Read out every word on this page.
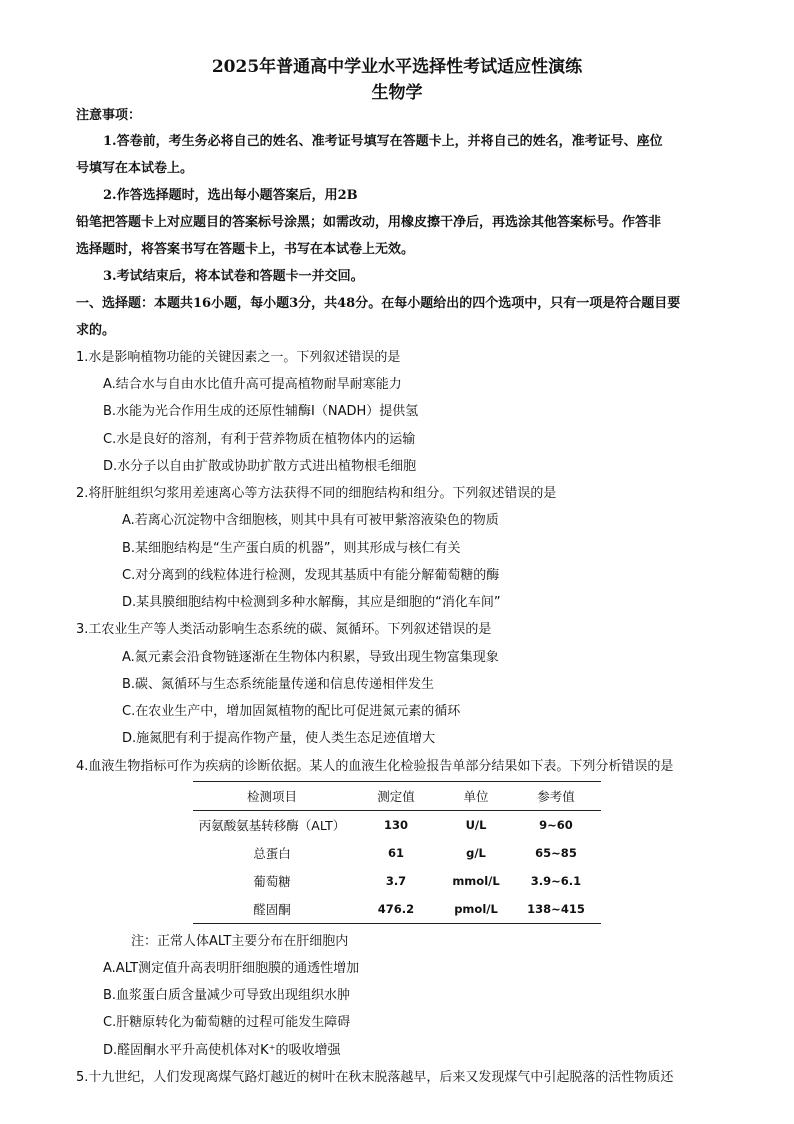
2025年普通高中学业水平选择性考试适应性演练
生物学
注意事项：
1.答卷前，考生务必将自己的姓名、准考证号填写在答题卡上，并将自己的姓名，准考证号、座位
号填写在本试卷上。
2.作答选择题时，选出每小题答案后，用2B
铅笔把答题卡上对应题目的答案标号涂黑；如需改动，用橡皮擦干净后，再选涂其他答案标号。作答非
选择题时，将答案书写在答题卡上，书写在本试卷上无效。
3.考试结束后，将本试卷和答题卡一并交回。
一、选择题：本题共16小题，每小题3分，共48分。在每小题给出的四个选项中，只有一项是符合题目要
求的。
1.水是影响植物功能的关键因素之一。下列叙述错误的是
A.结合水与自由水比值升高可提高植物耐旱耐寒能力
B.水能为光合作用生成的还原性辅酶Ⅰ（NADH）提供氢
C.水是良好的溶剂，有利于营养物质在植物体内的运输
D.水分子以自由扩散或协助扩散方式进出植物根毛细胞
2.将肝脏组织匀浆用差速离心等方法获得不同的细胞结构和组分。下列叙述错误的是
A.若离心沉淀物中含细胞核，则其中具有可被甲紫溶液染色的物质
B.某细胞结构是“生产蛋白质的机器”，则其形成与核仁有关
C.对分离到的线粒体进行检测，发现其基质中有能分解葡萄糖的酶
D.某具膜细胞结构中检测到多种水解酶，其应是细胞的“消化车间”
3.工农业生产等人类活动影响生态系统的碳、氮循环。下列叙述错误的是
A.氮元素会沿食物链逐渐在生物体内积累，导致出现生物富集现象
B.碳、氮循环与生态系统能量传递和信息传递相伴发生
C.在农业生产中，增加固氮植物的配比可促进氮元素的循环
D.施氮肥有利于提高作物产量，使人类生态足迹值增大
4.血液生物指标可作为疾病的诊断依据。某人的血液生化检验报告单部分结果如下表。下列分析错误的是
检测项目	测定值	单位	参考值
丙氨酸氨基转移酶（ALT）	130	U/L	9~60
总蛋白	61	g/L	65~85
葡萄糖	3.7	mmol/L	3.9~6.1
醛固酮	476.2	pmol/L	138~415
注：正常人体ALT主要分布在肝细胞内
A.ALT测定值升高表明肝细胞膜的通透性增加
B.血浆蛋白质含量减少可导致出现组织水肿
C.肝糖原转化为葡萄糖的过程可能发生障碍
D.醛固酮水平升高使机体对K⁺的吸收增强
5.十九世纪，人们发现离煤气路灯越近的树叶在秋末脱落越早，后来又发现煤气中引起脱落的活性物质还
